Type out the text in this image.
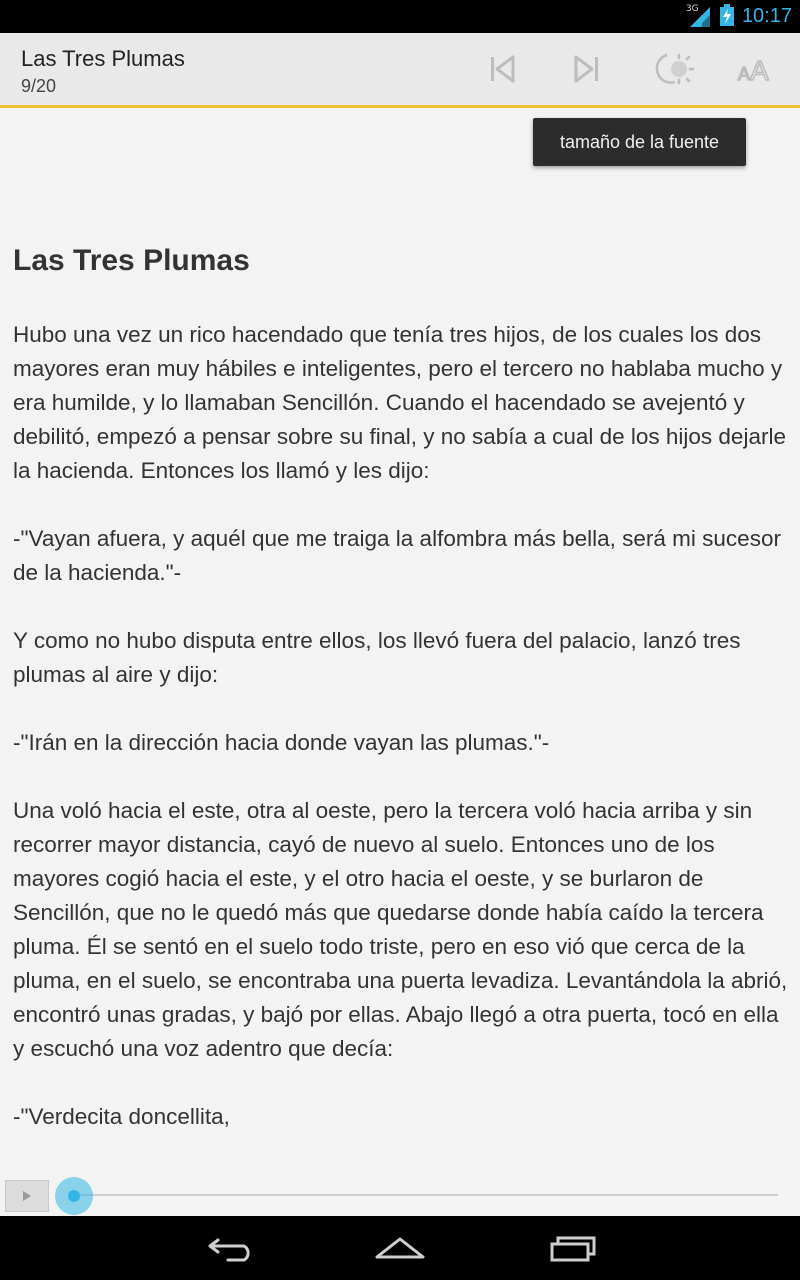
3G 10:17
Las Tres Plumas
9/20
A A
tamaño de la fuente
Las Tres Plumas

Hubo una vez un rico hacendado que tenía tres hijos, de los cuales los dos mayores eran muy hábiles e inteligentes, pero el tercero no hablaba mucho y era humilde, y lo llamaban Sencillón. Cuando el hacendado se avejentó y debilitó, empezó a pensar sobre su final, y no sabía a cual de los hijos dejarle la hacienda. Entonces los llamó y les dijo:

-"Vayan afuera, y aquél que me traiga la alfombra más bella, será mi sucesor de la hacienda."-

Y como no hubo disputa entre ellos, los llevó fuera del palacio, lanzó tres plumas al aire y dijo:

-"Irán en la dirección hacia donde vayan las plumas."-

Una voló hacia el este, otra al oeste, pero la tercera voló hacia arriba y sin recorrer mayor distancia, cayó de nuevo al suelo. Entonces uno de los mayores cogió hacia el este, y el otro hacia el oeste, y se burlaron de Sencillón, que no le quedó más que quedarse donde había caído la tercera pluma. Él se sentó en el suelo todo triste, pero en eso vió que cerca de la pluma, en el suelo, se encontraba una puerta levadiza. Levantándola la abrió, encontró unas gradas, y bajó por ellas. Abajo llegó a otra puerta, tocó en ella y escuchó una voz adentro que decía:

-"Verdecita doncellita,
